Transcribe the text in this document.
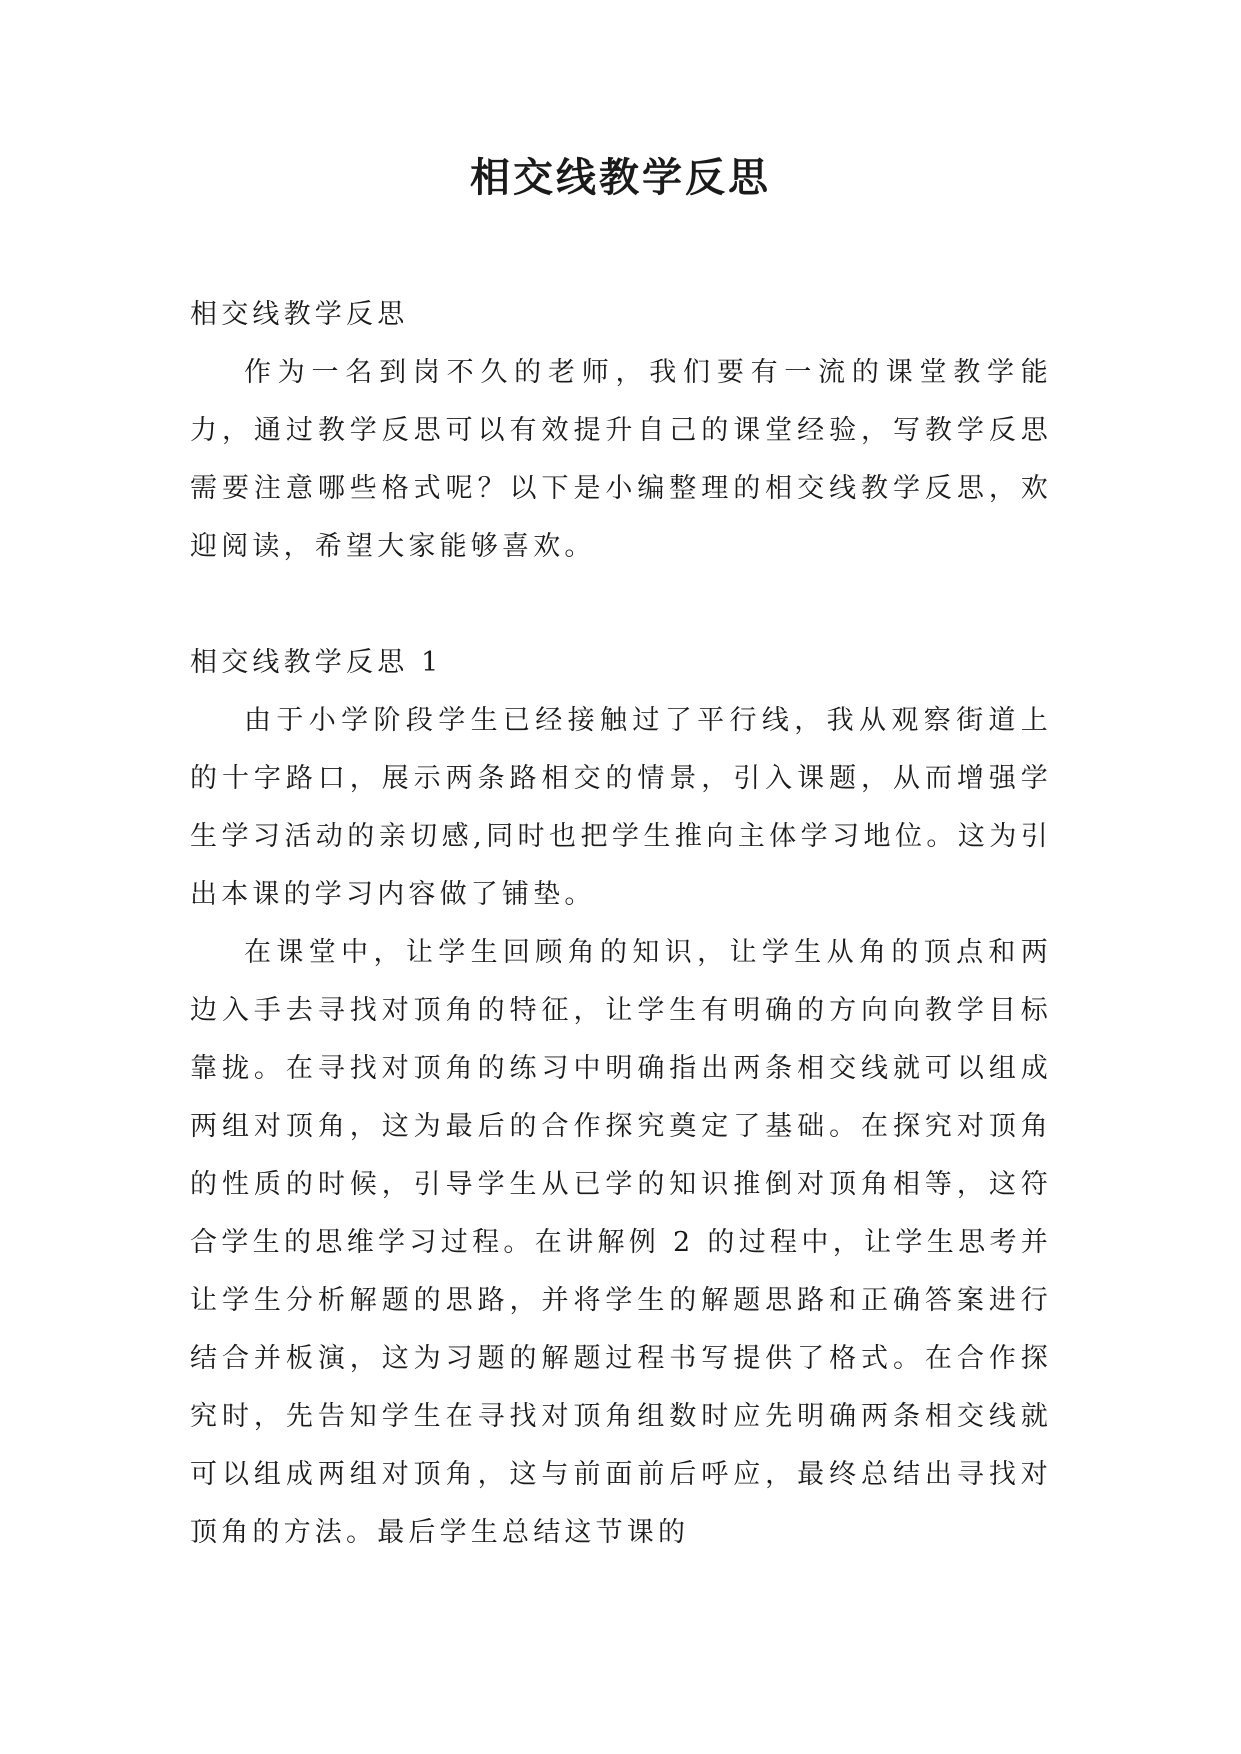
相交线教学反思

相交线教学反思

作为一名到岗不久的老师，我们要有一流的课堂教学能力，通过教学反思可以有效提升自己的课堂经验，写教学反思需要注意哪些格式呢？以下是小编整理的相交线教学反思，欢迎阅读，希望大家能够喜欢。

相交线教学反思 1

由于小学阶段学生已经接触过了平行线，我从观察街道上的十字路口，展示两条路相交的情景，引入课题，从而增强学生学习活动的亲切感,同时也把学生推向主体学习地位。这为引出本课的学习内容做了铺垫。

在课堂中，让学生回顾角的知识，让学生从角的顶点和两边入手去寻找对顶角的特征，让学生有明确的方向向教学目标靠拢。在寻找对顶角的练习中明确指出两条相交线就可以组成两组对顶角，这为最后的合作探究奠定了基础。在探究对顶角的性质的时候，引导学生从已学的知识推倒对顶角相等，这符合学生的思维学习过程。在讲解例 2 的过程中，让学生思考并让学生分析解题的思路，并将学生的解题思路和正确答案进行结合并板演，这为习题的解题过程书写提供了格式。在合作探究时，先告知学生在寻找对顶角组数时应先明确两条相交线就可以组成两组对顶角，这与前面前后呼应，最终总结出寻找对顶角的方法。最后学生总结这节课的
